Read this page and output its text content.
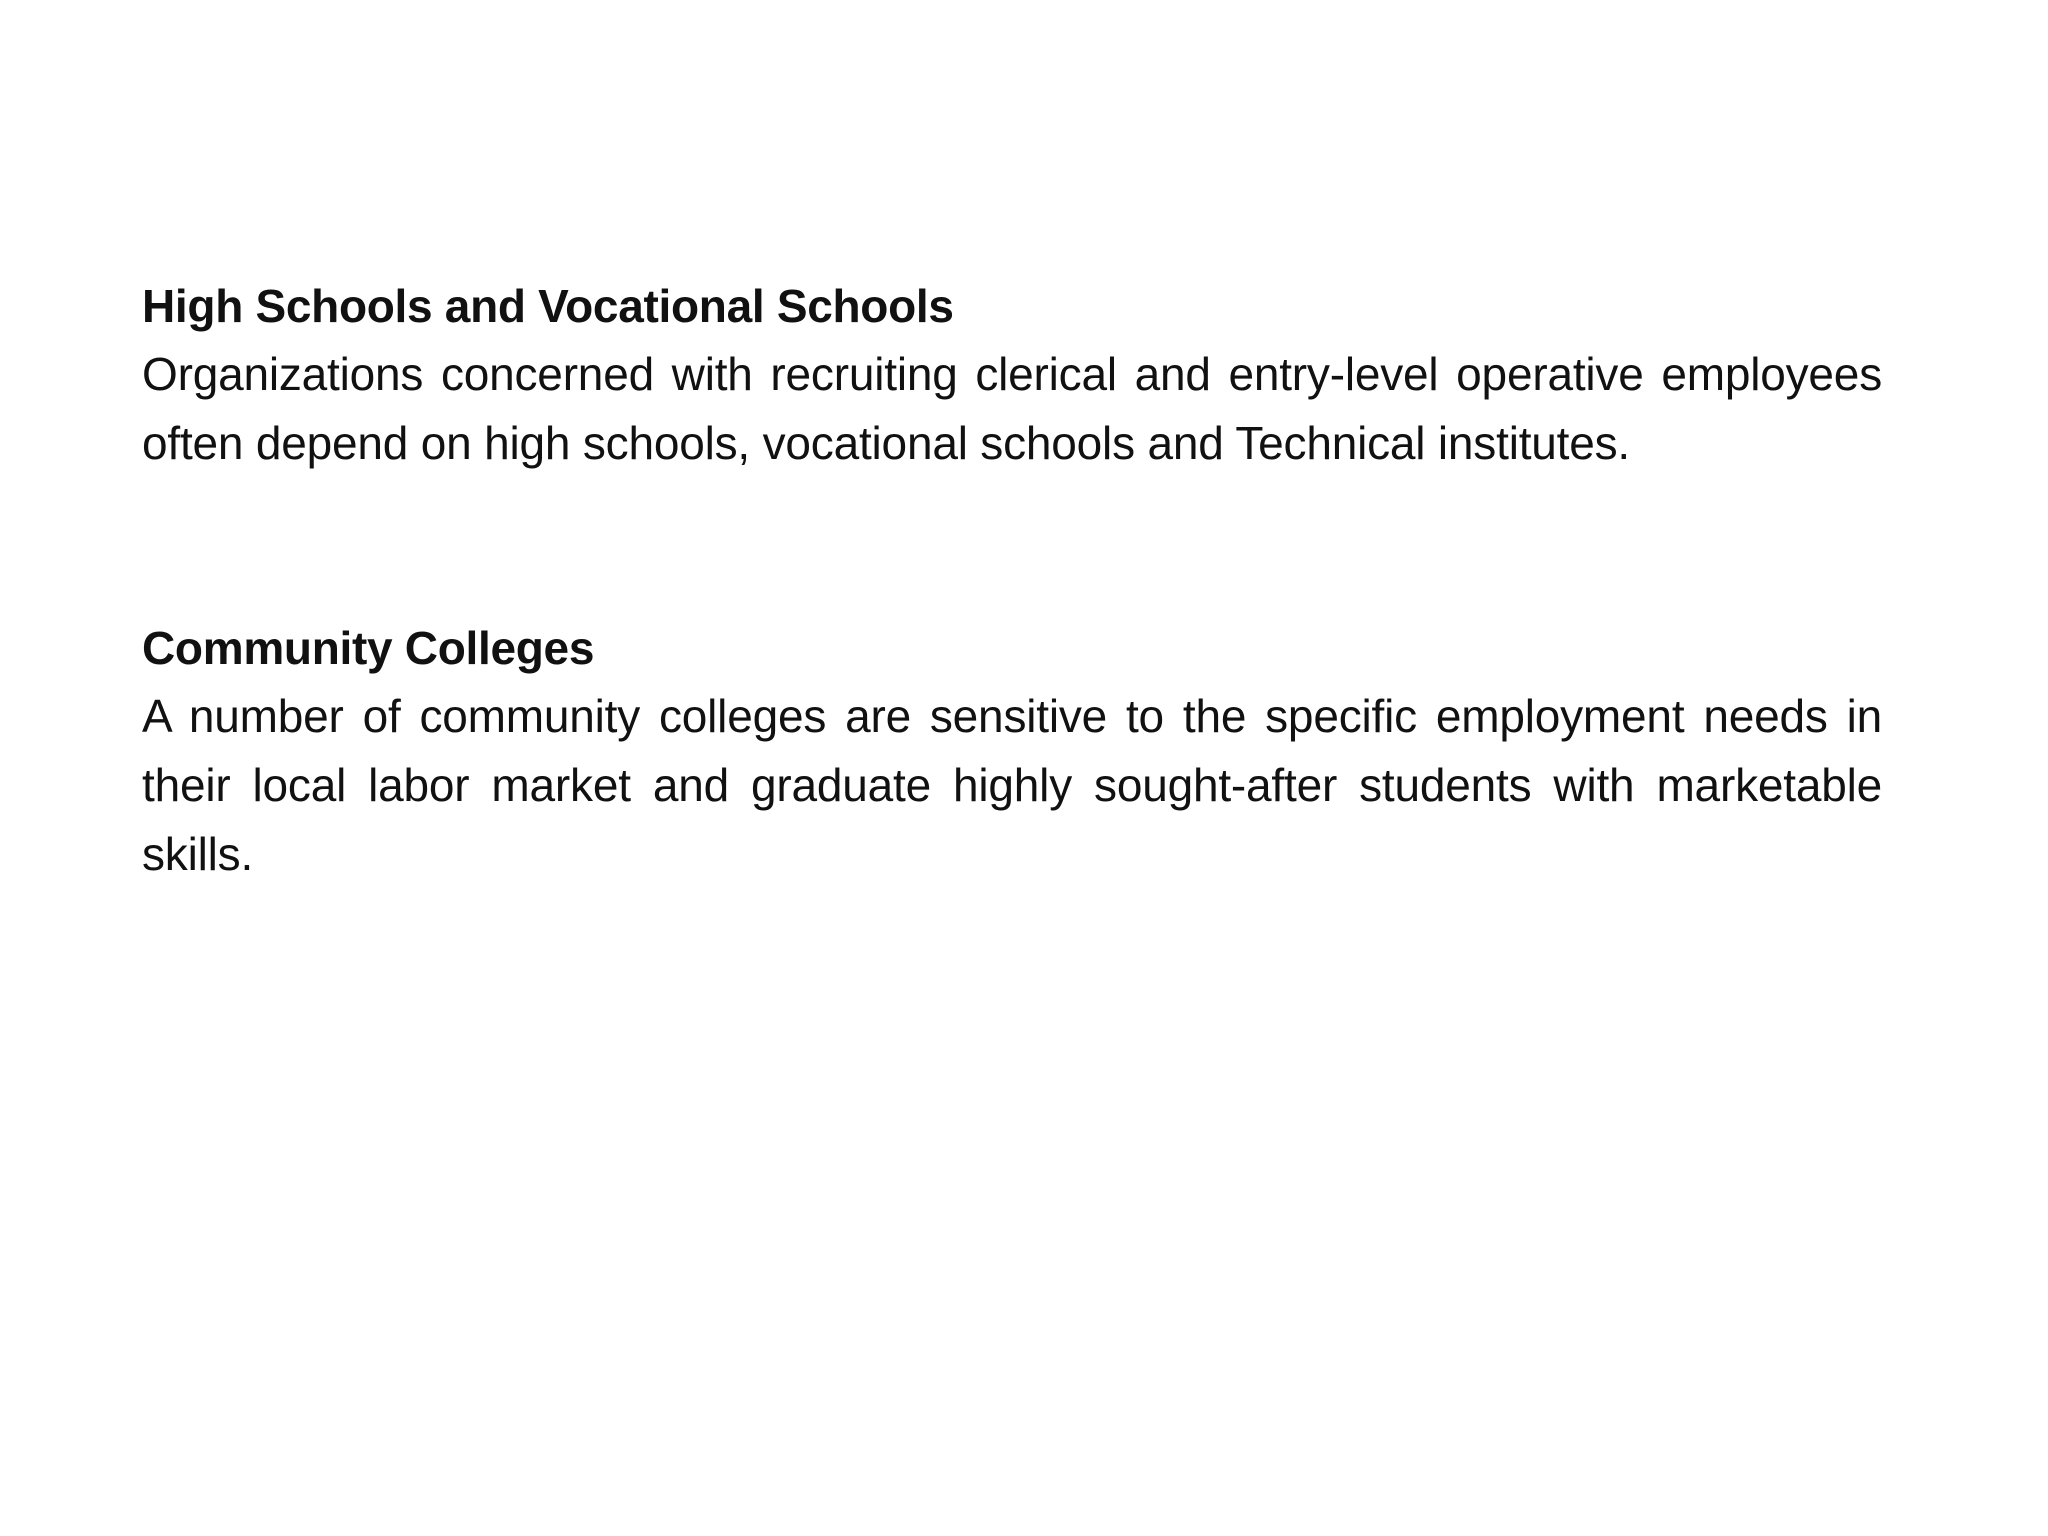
High Schools and Vocational Schools

Organizations concerned with recruiting clerical and entry-level operative employees often depend on high schools, vocational schools and Technical institutes.

Community Colleges

A number of community colleges are sensitive to the specific employment needs in their local labor market and graduate highly sought-after students with marketable skills.
